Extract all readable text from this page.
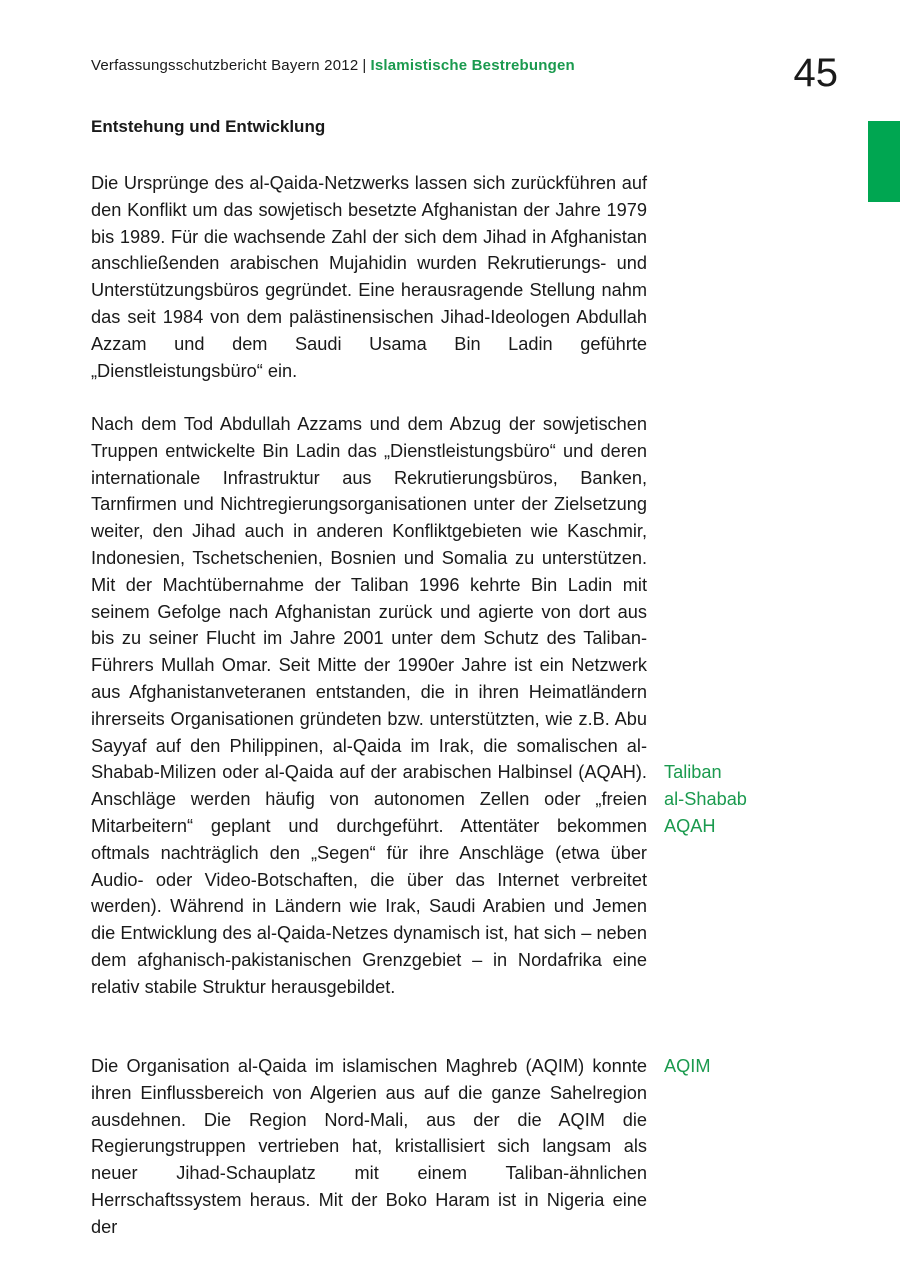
Verfassungsschutzbericht Bayern 2012 | Islamistische Bestrebungen	45
Entstehung und Entwicklung

Die Ursprünge des al-Qaida-Netzwerks lassen sich zurückführen auf den Konflikt um das sowjetisch besetzte Afghanistan der Jahre 1979 bis 1989. Für die wachsende Zahl der sich dem Jihad in Afghanistan anschließenden arabischen Mujahidin wurden Rekrutierungs- und Unterstützungsbüros gegründet. Eine herausragende Stellung nahm das seit 1984 von dem palästinensischen Jihad-Ideologen Abdullah Azzam und dem Saudi Usama Bin Ladin geführte „Dienstleistungsbüro“ ein.

Nach dem Tod Abdullah Azzams und dem Abzug der sowjetischen Truppen entwickelte Bin Ladin das „Dienstleistungsbüro“ und deren internationale Infrastruktur aus Rekrutierungsbüros, Banken, Tarnfirmen und Nichtregierungsorganisationen unter der Zielsetzung weiter, den Jihad auch in anderen Konfliktgebieten wie Kaschmir, Indonesien, Tschetschenien, Bosnien und Somalia zu unterstützen. Mit der Machtübernahme der Taliban 1996 kehrte Bin Ladin mit seinem Gefolge nach Afghanistan zurück und agierte von dort aus bis zu seiner Flucht im Jahre 2001 unter dem Schutz des Taliban-Führers Mullah Omar. Seit Mitte der 1990er Jahre ist ein Netzwerk aus Afghanistanveteranen entstanden, die in ihren Heimatländern ihrerseits Organisationen gründeten bzw. unterstützten, wie z.B. Abu Sayyaf auf den Philippinen, al-Qaida im Irak, die somalischen al-Shabab-Milizen oder al-Qaida auf der arabischen Halbinsel (AQAH). Anschläge werden häufig von autonomen Zellen oder „freien Mitarbeitern“ geplant und durchgeführt. Attentäter bekommen oftmals nachträglich den „Segen“ für ihre Anschläge (etwa über Audio- oder Video-Botschaften, die über das Internet verbreitet werden). Während in Ländern wie Irak, Saudi Arabien und Jemen die Entwicklung des al-Qaida-Netzes dynamisch ist, hat sich – neben dem afghanisch-pakistanischen Grenzgebiet – in Nordafrika eine relativ stabile Struktur herausgebildet.

Die Organisation al-Qaida im islamischen Maghreb (AQIM) konnte ihren Einflussbereich von Algerien aus auf die ganze Sahelregion ausdehnen. Die Region Nord-Mali, aus der die AQIM die Regierungstruppen vertrieben hat, kristallisiert sich langsam als neuer Jihad-Schauplatz mit einem Taliban-ähnlichen Herrschaftssystem heraus. Mit der Boko Haram ist in Nigeria eine der

Taliban
al-Shabab
AQAH
AQIM
